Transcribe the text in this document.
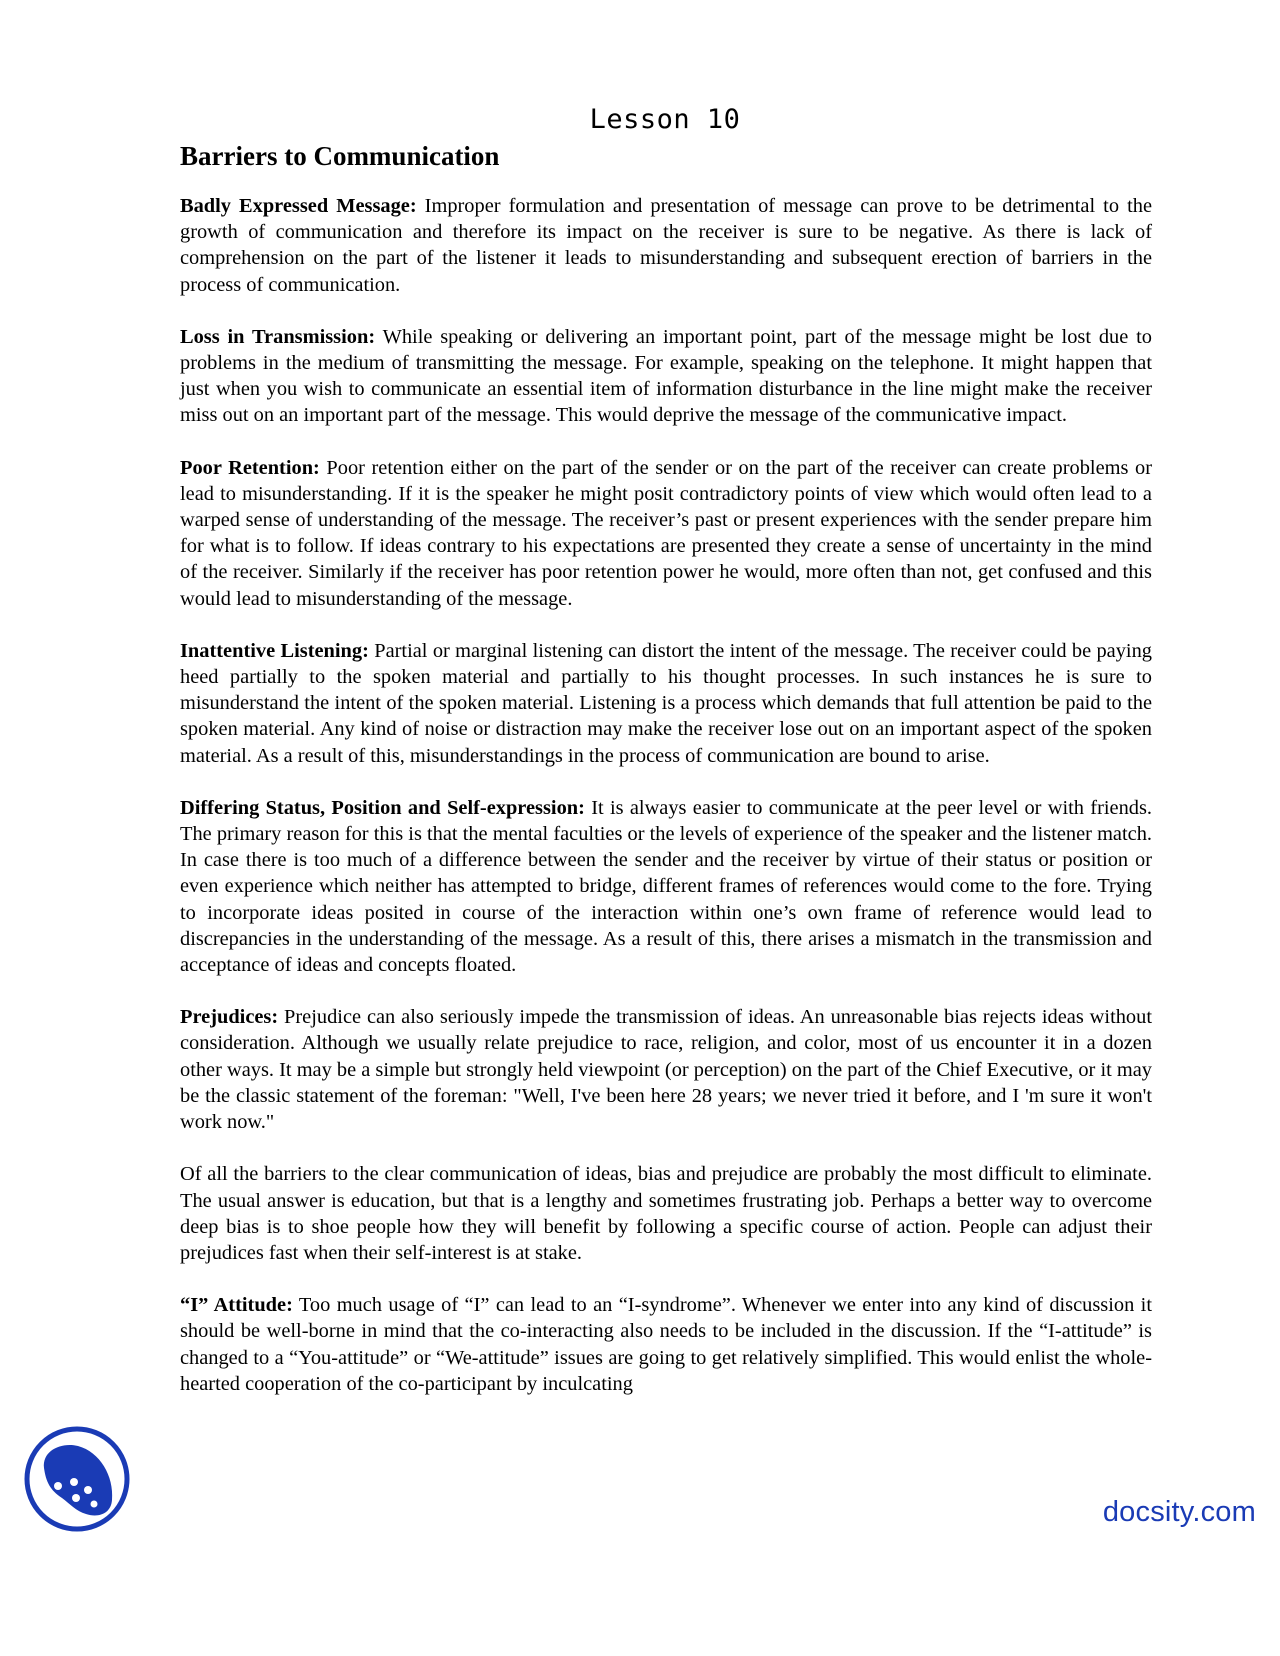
Lesson 10
Barriers to Communication

Badly Expressed Message: Improper formulation and presentation of message can prove to be detrimental to the growth of communication and therefore its impact on the receiver is sure to be negative. As there is lack of comprehension on the part of the listener it leads to misunderstanding and subsequent erection of barriers in the process of communication.

Loss in Transmission: While speaking or delivering an important point, part of the message might be lost due to problems in the medium of transmitting the message. For example, speaking on the telephone. It might happen that just when you wish to communicate an essential item of information disturbance in the line might make the receiver miss out on an important part of the message. This would deprive the message of the communicative impact.

Poor Retention: Poor retention either on the part of the sender or on the part of the receiver can create problems or lead to misunderstanding. If it is the speaker he might posit contradictory points of view which would often lead to a warped sense of understanding of the message. The receiver’s past or present experiences with the sender prepare him for what is to follow. If ideas contrary to his expectations are presented they create a sense of uncertainty in the mind of the receiver. Similarly if the receiver has poor retention power he would, more often than not, get confused and this would lead to misunderstanding of the message.

Inattentive Listening: Partial or marginal listening can distort the intent of the message. The receiver could be paying heed partially to the spoken material and partially to his thought processes. In such instances he is sure to misunderstand the intent of the spoken material. Listening is a process which demands that full attention be paid to the spoken material. Any kind of noise or distraction may make the receiver lose out on an important aspect of the spoken material. As a result of this, misunderstandings in the process of communication are bound to arise.

Differing Status, Position and Self-expression: It is always easier to communicate at the peer level or with friends. The primary reason for this is that the mental faculties or the levels of experience of the speaker and the listener match. In case there is too much of a difference between the sender and the receiver by virtue of their status or position or even experience which neither has attempted to bridge, different frames of references would come to the fore. Trying to incorporate ideas posited in course of the interaction within one’s own frame of reference would lead to discrepancies in the understanding of the message. As a result of this, there arises a mismatch in the transmission and acceptance of ideas and concepts floated.

Prejudices: Prejudice can also seriously impede the transmission of ideas. An unreasonable bias rejects ideas without consideration. Although we usually relate prejudice to race, religion, and color, most of us encounter it in a dozen other ways. It may be a simple but strongly held viewpoint (or perception) on the part of the Chief Executive, or it may be the classic statement of the foreman: "Well, I've been here 28 years; we never tried it before, and I 'm sure it won't work now."

Of all the barriers to the clear communication of ideas, bias and prejudice are probably the most difficult to eliminate. The usual answer is education, but that is a lengthy and sometimes frustrating job. Perhaps a better way to overcome deep bias is to shoe people how they will benefit by following a specific course of action. People can adjust their prejudices fast when their self-interest is at stake.

“I” Attitude: Too much usage of “I” can lead to an “I-syndrome”. Whenever we enter into any kind of discussion it should be well-borne in mind that the co-interacting also needs to be included in the discussion. If the “I-attitude” is changed to a “You-attitude” or “We-attitude” issues are going to get relatively simplified. This would enlist the whole-hearted cooperation of the co-participant by inculcating

docsity.com
